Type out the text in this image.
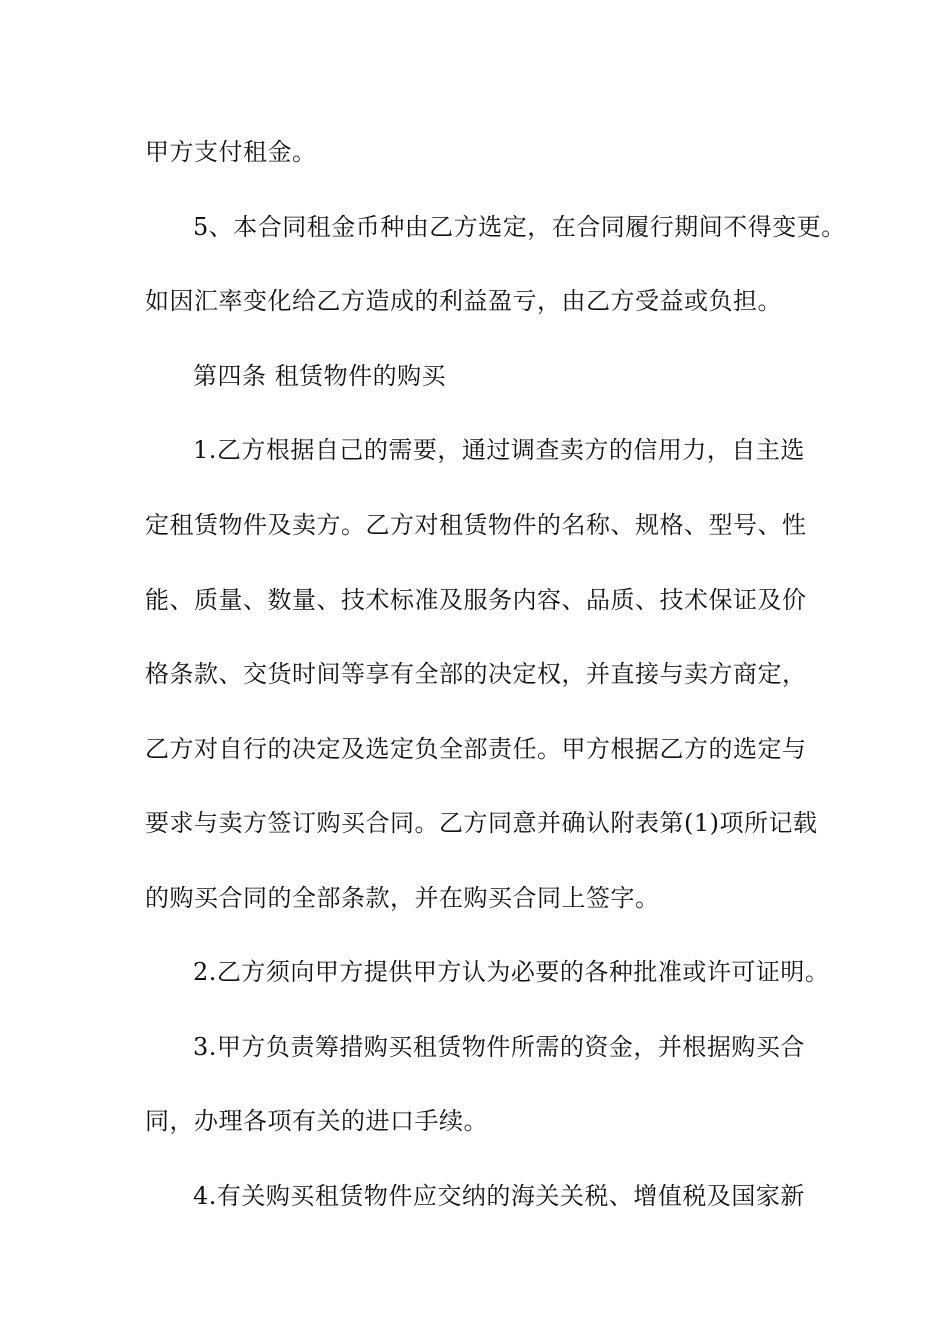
甲方支付租金。
5、本合同租金币种由乙方选定，在合同履行期间不得变更。
如因汇率变化给乙方造成的利益盈亏，由乙方受益或负担。
第四条 租赁物件的购买
1.乙方根据自己的需要，通过调查卖方的信用力，自主选
定租赁物件及卖方。乙方对租赁物件的名称、规格、型号、性
能、质量、数量、技术标准及服务内容、品质、技术保证及价
格条款、交货时间等享有全部的决定权，并直接与卖方商定，
乙方对自行的决定及选定负全部责任。甲方根据乙方的选定与
要求与卖方签订购买合同。乙方同意并确认附表第(1)项所记载
的购买合同的全部条款，并在购买合同上签字。
2.乙方须向甲方提供甲方认为必要的各种批准或许可证明。
3.甲方负责筹措购买租赁物件所需的资金，并根据购买合
同，办理各项有关的进口手续。
4.有关购买租赁物件应交纳的海关关税、增值税及国家新
